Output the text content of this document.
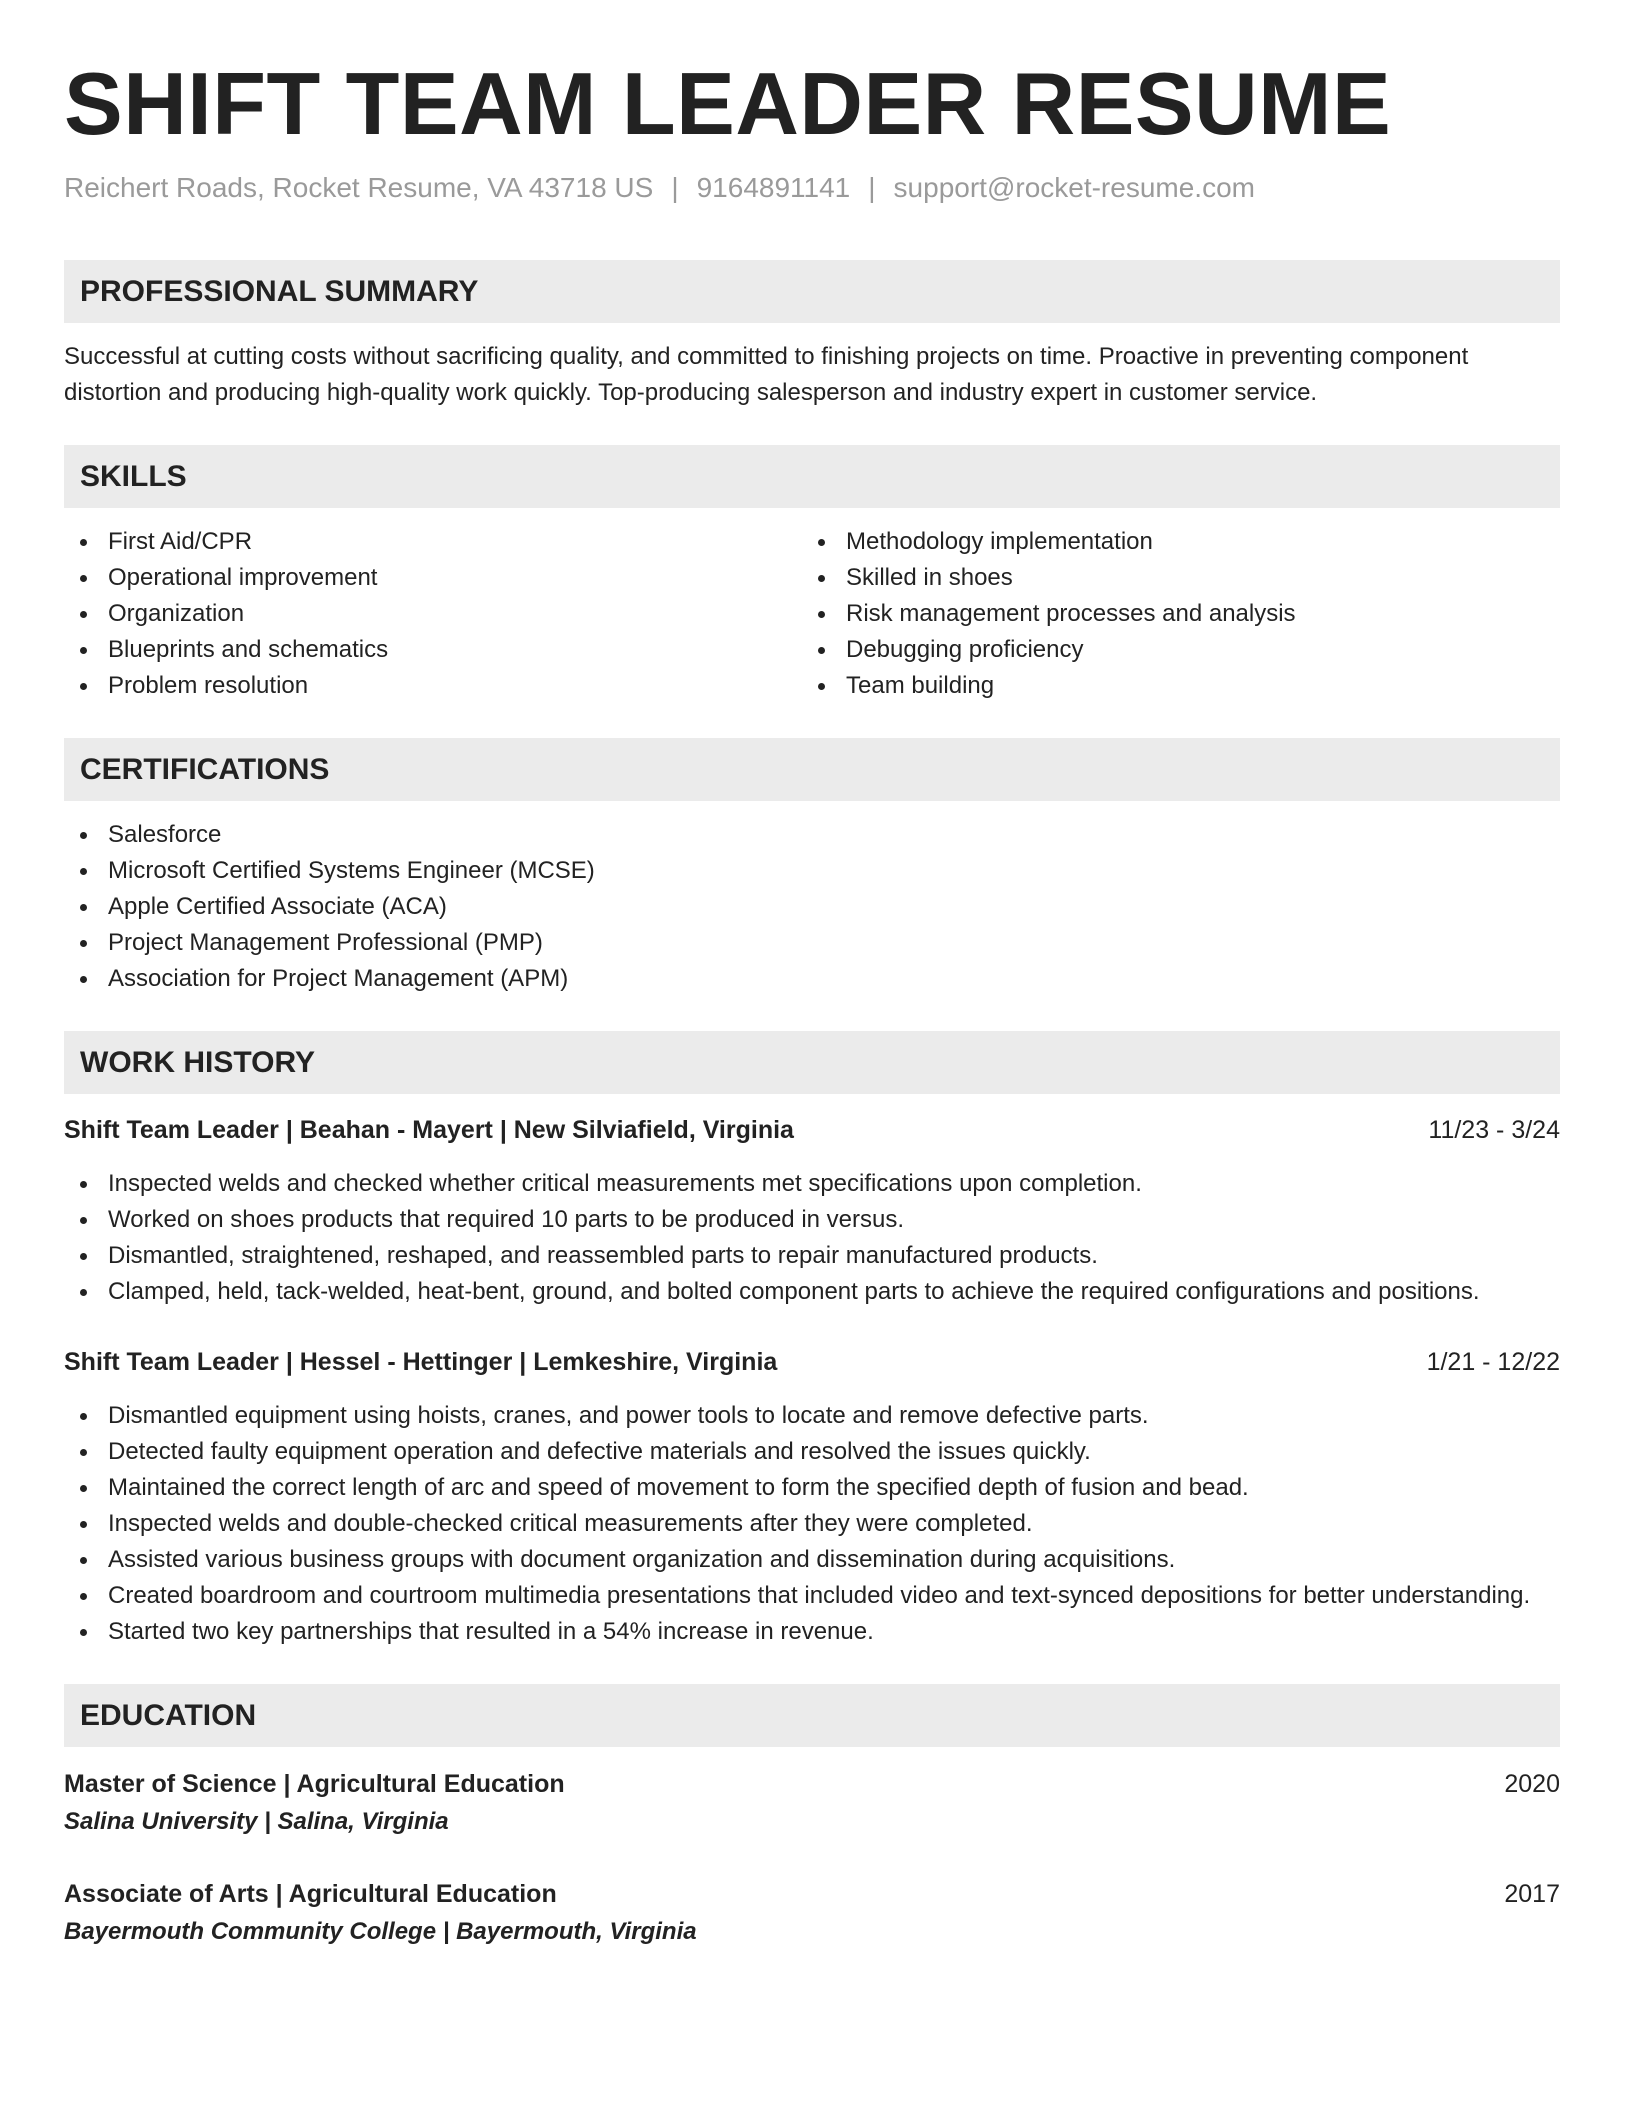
SHIFT TEAM LEADER RESUME
Reichert Roads, Rocket Resume, VA 43718 US | 9164891141 | support@rocket-resume.com
PROFESSIONAL SUMMARY
Successful at cutting costs without sacrificing quality, and committed to finishing projects on time. Proactive in preventing component distortion and producing high-quality work quickly. Top-producing salesperson and industry expert in customer service.
SKILLS
First Aid/CPR
Operational improvement
Organization
Blueprints and schematics
Problem resolution
Methodology implementation
Skilled in shoes
Risk management processes and analysis
Debugging proficiency
Team building
CERTIFICATIONS
Salesforce
Microsoft Certified Systems Engineer (MCSE)
Apple Certified Associate (ACA)
Project Management Professional (PMP)
Association for Project Management (APM)
WORK HISTORY
Shift Team Leader | Beahan - Mayert | New Silviafield, Virginia	11/23 - 3/24
Inspected welds and checked whether critical measurements met specifications upon completion.
Worked on shoes products that required 10 parts to be produced in versus.
Dismantled, straightened, reshaped, and reassembled parts to repair manufactured products.
Clamped, held, tack-welded, heat-bent, ground, and bolted component parts to achieve the required configurations and positions.
Shift Team Leader | Hessel - Hettinger | Lemkeshire, Virginia	1/21 - 12/22
Dismantled equipment using hoists, cranes, and power tools to locate and remove defective parts.
Detected faulty equipment operation and defective materials and resolved the issues quickly.
Maintained the correct length of arc and speed of movement to form the specified depth of fusion and bead.
Inspected welds and double-checked critical measurements after they were completed.
Assisted various business groups with document organization and dissemination during acquisitions.
Created boardroom and courtroom multimedia presentations that included video and text-synced depositions for better understanding.
Started two key partnerships that resulted in a 54% increase in revenue.
EDUCATION
Master of Science | Agricultural Education	2020
Salina University | Salina, Virginia
Associate of Arts | Agricultural Education	2017
Bayermouth Community College | Bayermouth, Virginia
